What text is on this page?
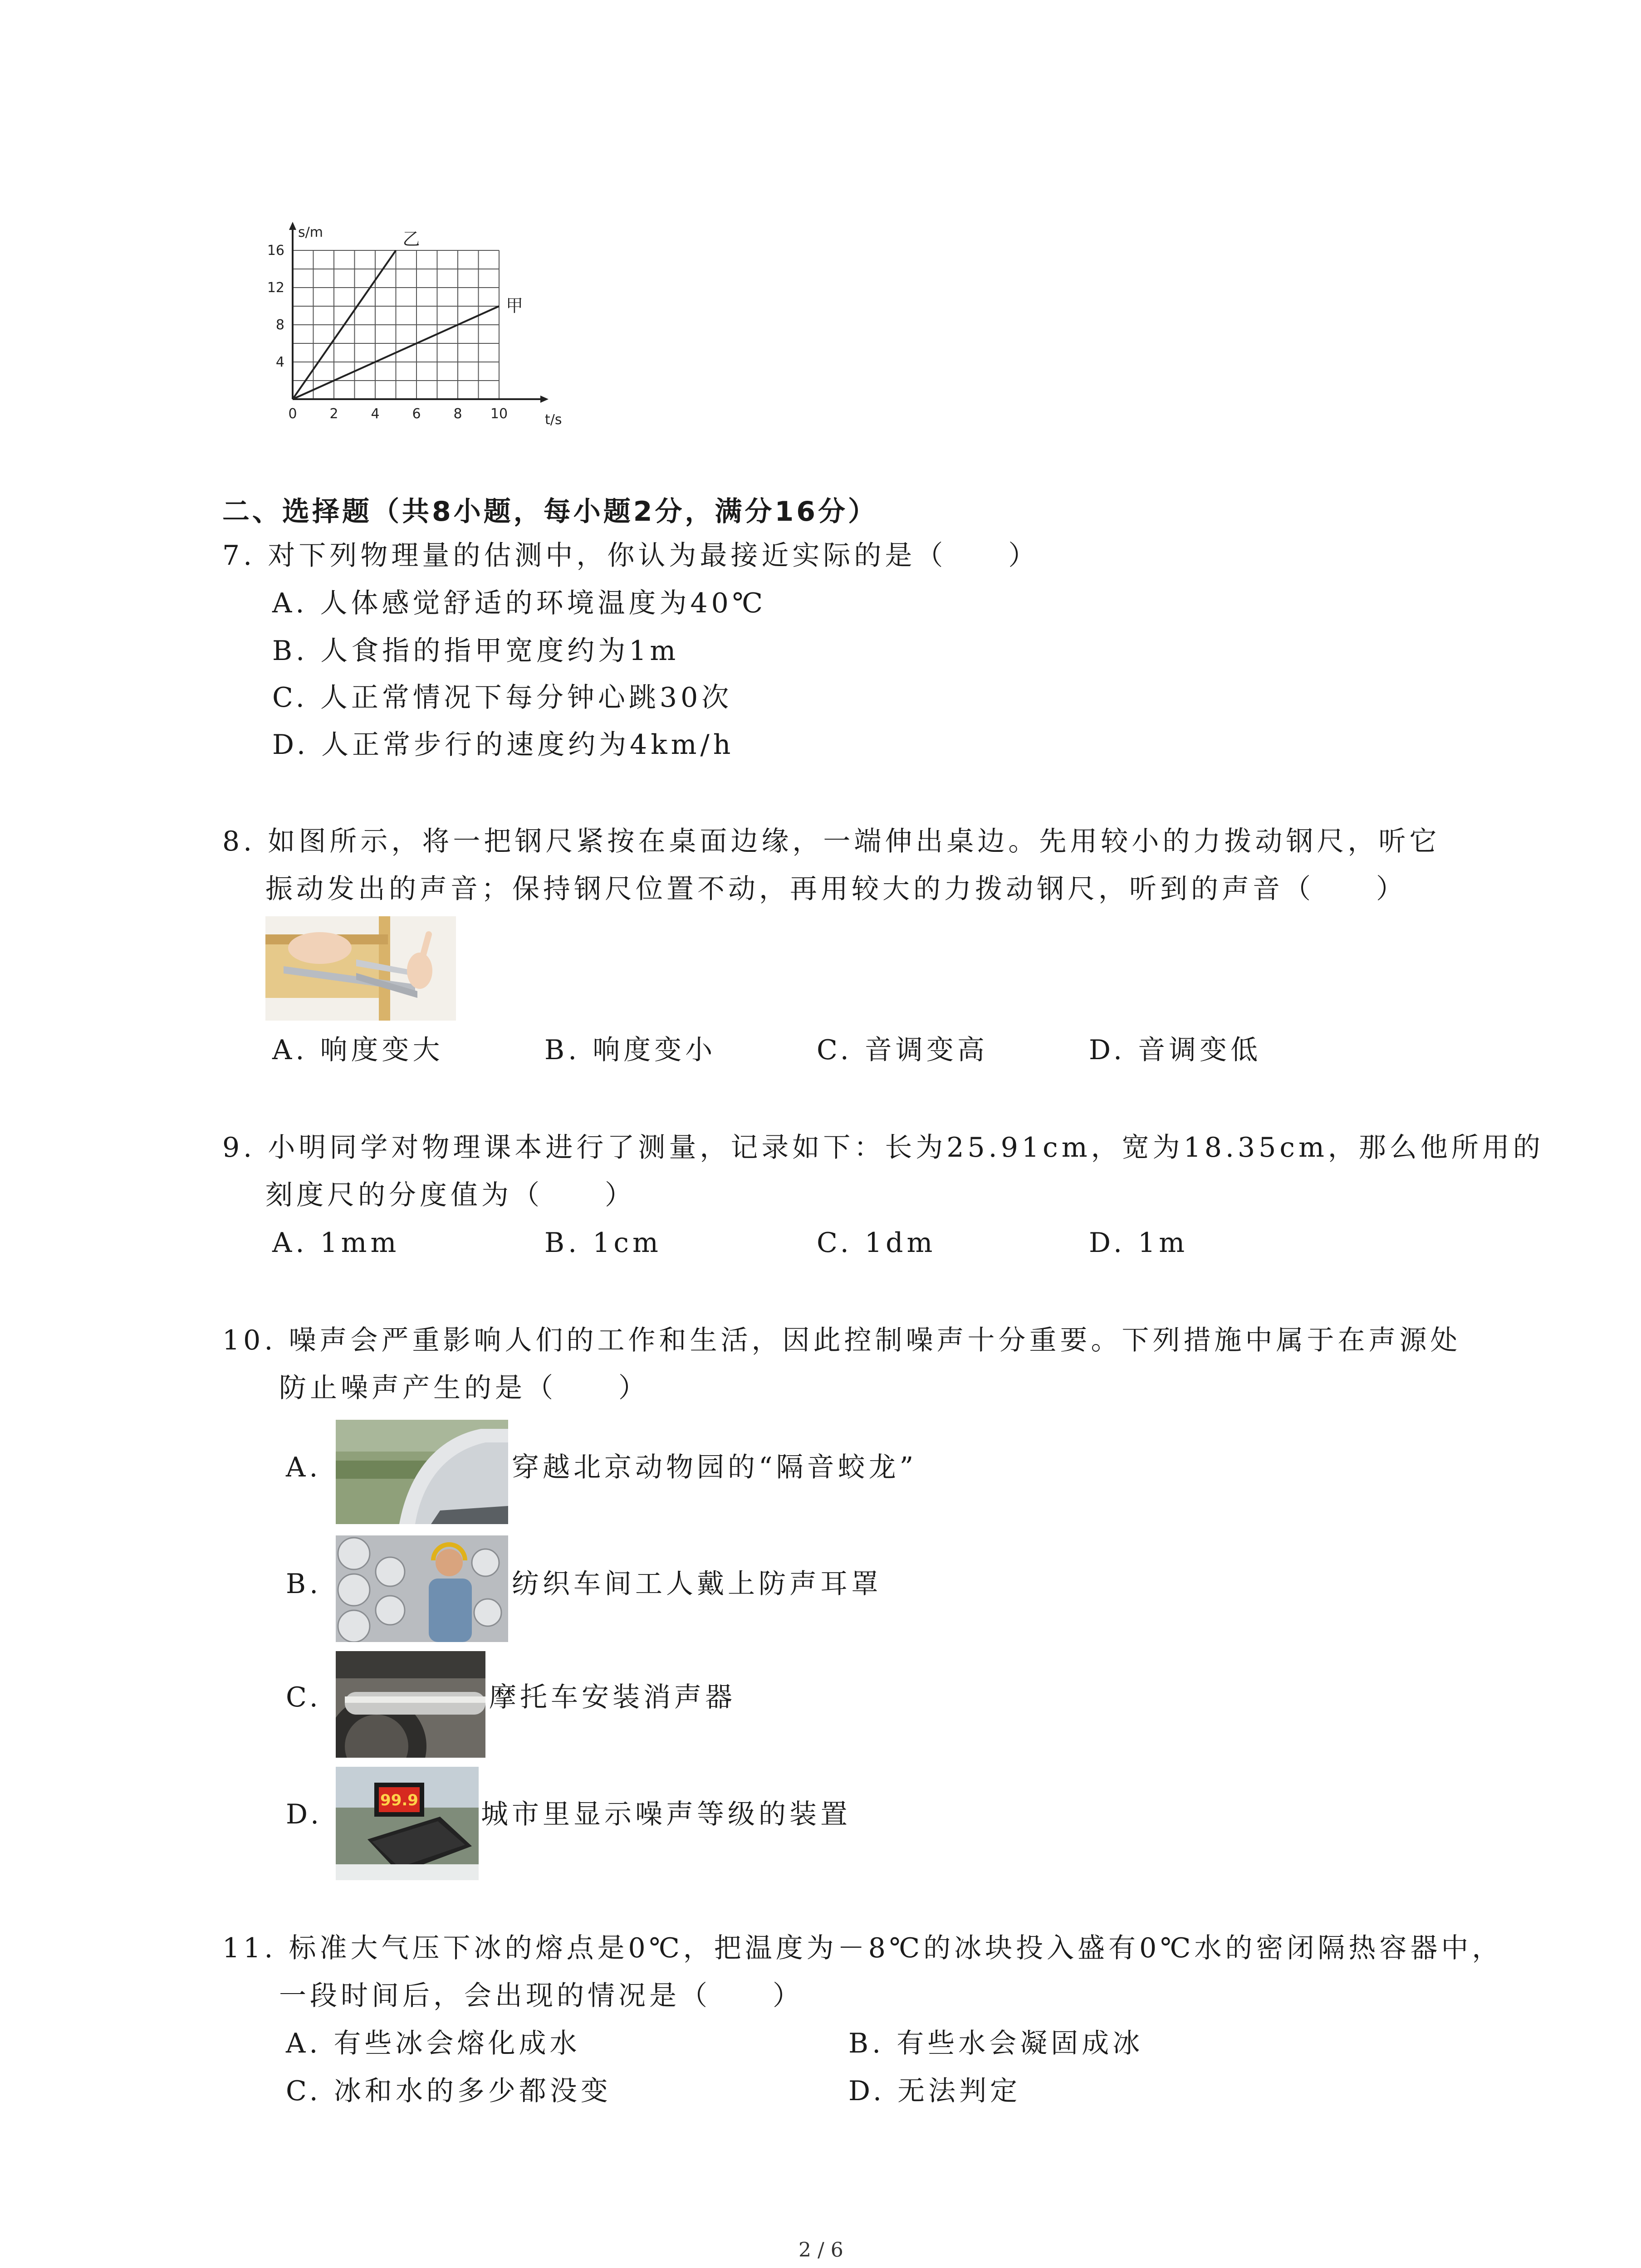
0 2 4 6 8 10
4
8
12
16
t/s
s/m	乙
甲
二、选择题（共8小题，每小题2分，满分16分）
7. 对下列物理量的估测中，你认为最接近实际的是（　　）
A. 人体感觉舒适的环境温度为40℃
B. 人食指的指甲宽度约为1m
C. 人正常情况下每分钟心跳30次
D. 人正常步行的速度约为4km/h
8. 如图所示，将一把钢尺紧按在桌面边缘，一端伸出桌边。先用较小的力拨动钢尺，听它
振动发出的声音；保持钢尺位置不动，再用较大的力拨动钢尺，听到的声音（　　）
A. 响度变大	B. 响度变小	C. 音调变高	D. 音调变低
9. 小明同学对物理课本进行了测量，记录如下：长为25.91cm，宽为18.35cm，那么他所用的
刻度尺的分度值为（　　）
A. 1mm	B. 1cm	C. 1dm	D. 1m
10. 噪声会严重影响人们的工作和生活，因此控制噪声十分重要。下列措施中属于在声源处
防止噪声产生的是（　　）
A.	穿越北京动物园的“隔音蛟龙”
B.	纺织车间工人戴上防声耳罩
C.	摩托车安装消声器
D.	99.9 城市里显示噪声等级的装置
11. 标准大气压下冰的熔点是0℃，把温度为－8℃的冰块投入盛有0℃水的密闭隔热容器中，
一段时间后，会出现的情况是（　　）
A. 有些冰会熔化成水	B. 有些水会凝固成冰
C. 冰和水的多少都没变	D. 无法判定
2 / 6
